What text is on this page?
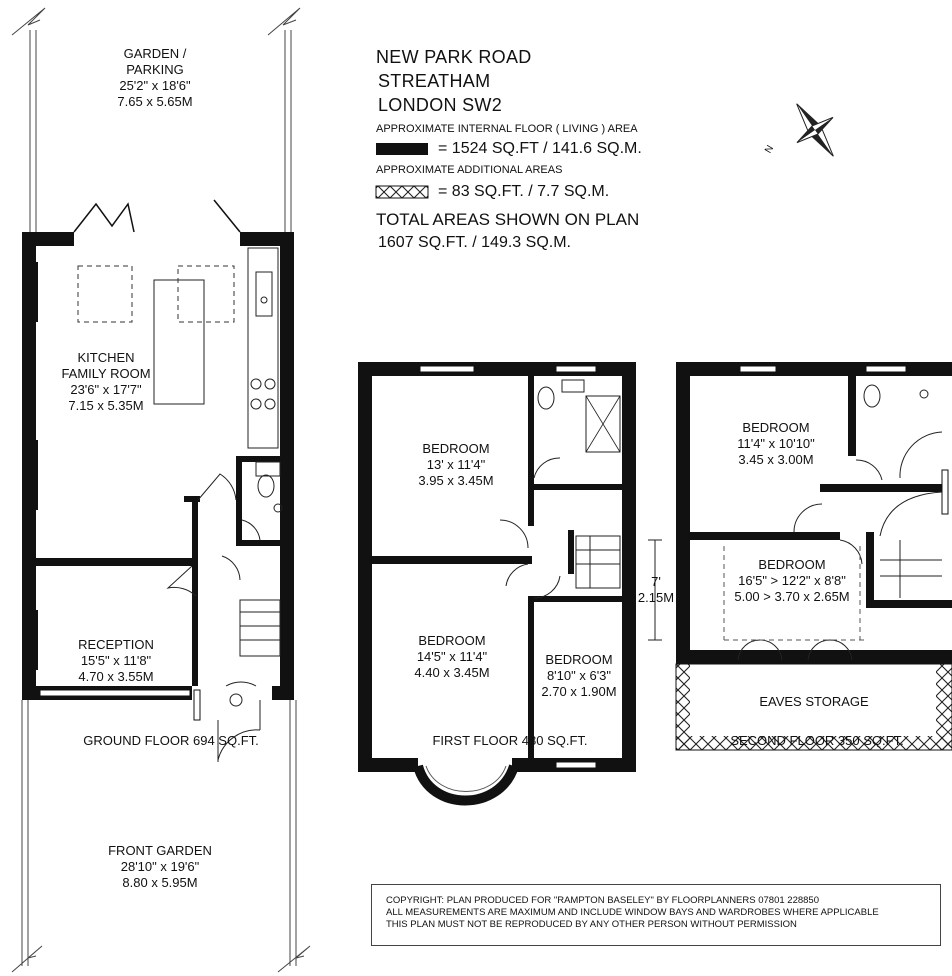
NEW PARK ROAD
STREATHAM
LONDON SW2
APPROXIMATE INTERNAL FLOOR ( LIVING ) AREA
= 1524 SQ.FT / 141.6 SQ.M.
APPROXIMATE ADDITIONAL AREAS
= 83 SQ.FT. / 7.7 SQ.M.
TOTAL AREAS SHOWN ON PLAN
1607 SQ.FT. / 149.3 SQ.M.
N
GARDEN /
PARKING
25'2" x 18'6"
7.65 x 5.65M
KITCHEN
FAMILY ROOM
23'6" x 17'7"
7.15 x 5.35M
RECEPTION
15'5" x 11'8"
4.70 x 3.55M
GROUND FLOOR 694 SQ.FT.
FRONT GARDEN
28'10" x 19'6"
8.80 x 5.95M
BEDROOM
13' x 11'4"
3.95 x 3.45M
BEDROOM
14'5" x 11'4"
4.40 x 3.45M
BEDROOM
8'10" x 6'3"
2.70 x 1.90M
7'
2.15M
FIRST FLOOR 480 SQ.FT.
BEDROOM
11'4" x 10'10"
3.45 x 3.00M
BEDROOM
16'5" > 12'2" x 8'8"
5.00 > 3.70 x 2.65M
EAVES STORAGE
SECOND FLOOR 350 SQ.FT.
COPYRIGHT: PLAN PRODUCED FOR "RAMPTON BASELEY" BY FLOORPLANNERS 07801 228850
ALL MEASUREMENTS ARE MAXIMUM AND INCLUDE WINDOW BAYS AND WARDROBES WHERE APPLICABLE
THIS PLAN MUST NOT BE REPRODUCED BY ANY OTHER PERSON WITHOUT PERMISSION
